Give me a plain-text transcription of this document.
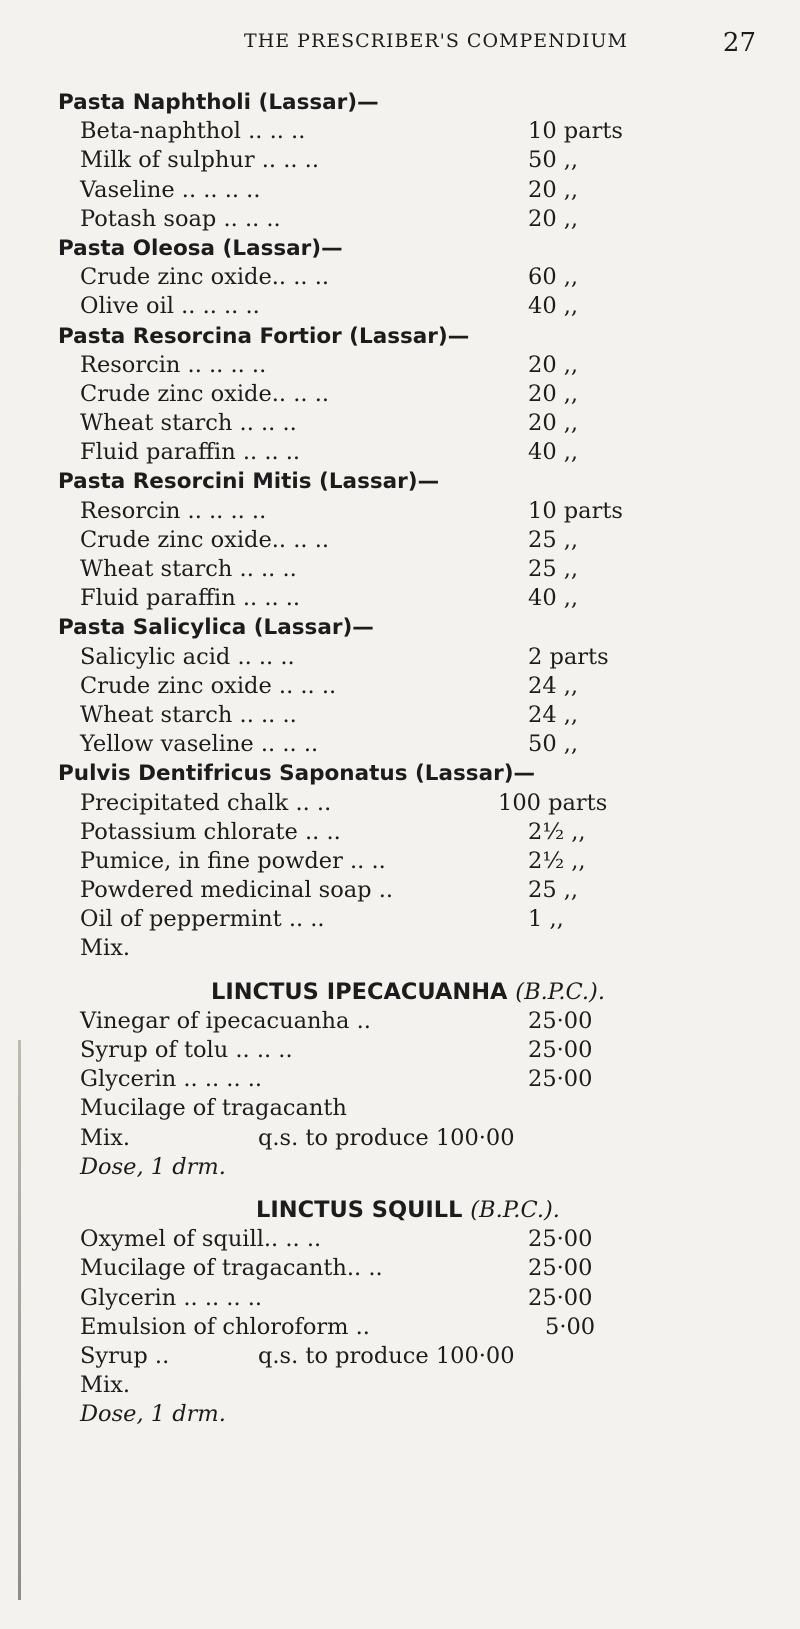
THE PRESCRIBER'S COMPENDIUM	27
Pasta Naphtholi (Lassar)—
Beta-naphthol .. .. ..	10 parts
Milk of sulphur .. .. ..	50 ,,
Vaseline .. .. .. ..	20 ,,
Potash soap .. .. ..	20 ,,
Pasta Oleosa (Lassar)—
Crude zinc oxide.. .. ..	60 ,,
Olive oil .. .. .. ..	40 ,,
Pasta Resorcina Fortior (Lassar)—
Resorcin .. .. .. ..	20 ,,
Crude zinc oxide.. .. ..	20 ,,
Wheat starch .. .. ..	20 ,,
Fluid paraffin .. .. ..	40 ,,
Pasta Resorcini Mitis (Lassar)—
Resorcin .. .. .. ..	10 parts
Crude zinc oxide.. .. ..	25 ,,
Wheat starch .. .. ..	25 ,,
Fluid paraffin .. .. ..	40 ,,
Pasta Salicylica (Lassar)—
Salicylic acid .. .. ..	2 parts
Crude zinc oxide .. .. ..	24 ,,
Wheat starch .. .. ..	24 ,,
Yellow vaseline .. .. ..	50 ,,
Pulvis Dentifricus Saponatus (Lassar)—
Precipitated chalk .. ..	100 parts
Potassium chlorate .. ..	2½ ,,
Pumice, in fine powder .. ..	2½ ,,
Powdered medicinal soap ..	25 ,,
Oil of peppermint .. ..	1 ,,
Mix.
LINCTUS IPECACUANHA (B.P.C.).
Vinegar of ipecacuanha ..	25·00
Syrup of tolu .. .. ..	25·00
Glycerin .. .. .. ..	25·00
Mucilage of tragacanth
Mix.	q.s. to produce 100·00
Dose, 1 drm.
LINCTUS SQUILL (B.P.C.).
Oxymel of squill.. .. ..	25·00
Mucilage of tragacanth.. ..	25·00
Glycerin .. .. .. ..	25·00
Emulsion of chloroform ..	5·00
Syrup ..	q.s. to produce 100·00
Mix.
Dose, 1 drm.
